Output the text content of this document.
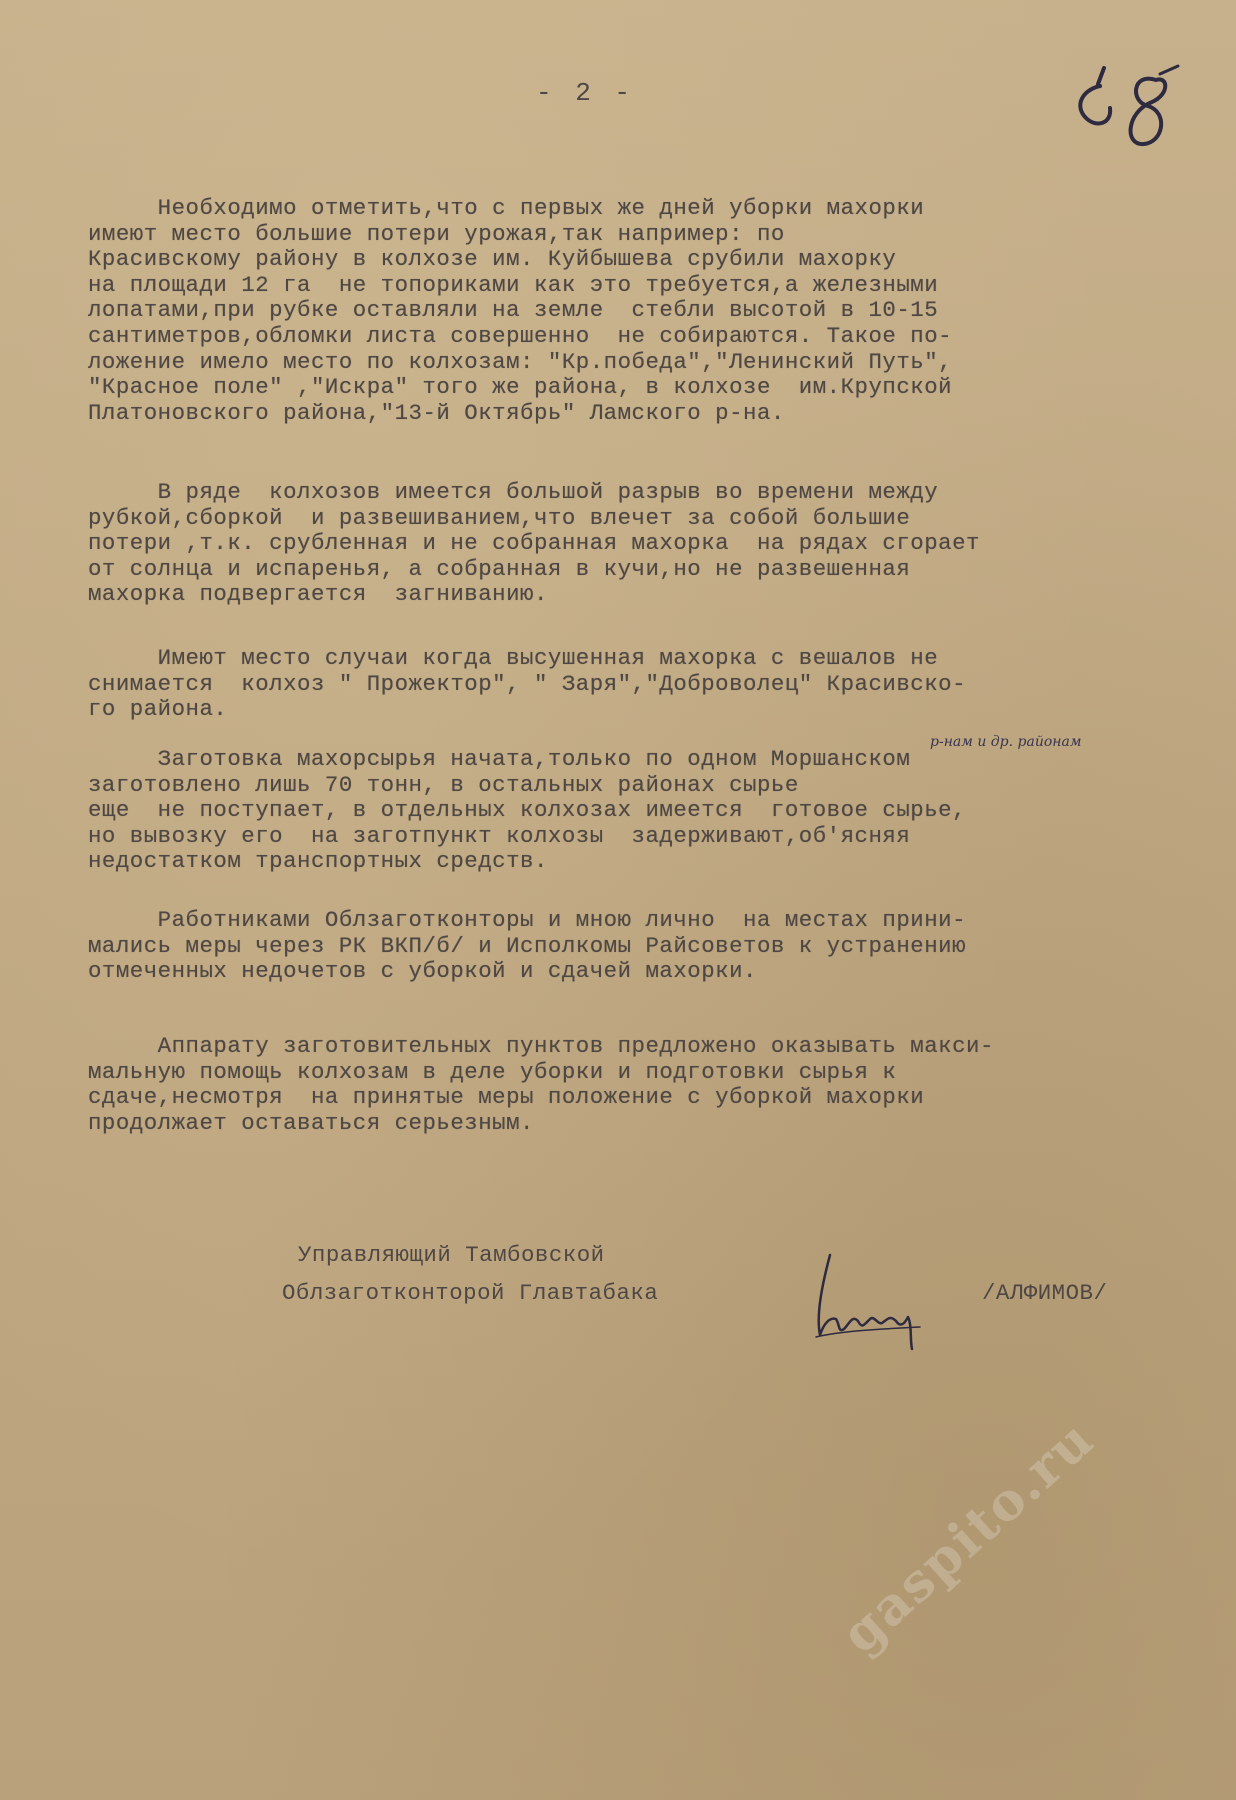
- 2 -

Необходимо отметить,что с первых же дней уборки махорки
имеют место большие потери урожая,так например: по
Красивскому району в колхозе им. Куйбышева срубили махорку
на площади 12 га  не топориками как это требуется,а железными
лопатами,при рубке оставляли на земле  стебли высотой в 10-15
сантиметров,обломки листа совершенно  не собираются. Такое по-
ложение имело место по колхозам: "Кр.победа","Ленинский Путь",
"Красное поле" ,"Искра" того же района, в колхозе  им.Крупской
Платоновского района,"13-й Октябрь" Ламского р-на.
В ряде  колхозов имеется большой разрыв во времени между
рубкой,сборкой  и развешиванием,что влечет за собой большие
потери ,т.к. срубленная и не собранная махорка  на рядах сгорает
от солнца и испаренья, а собранная в кучи,но не развешенная
махорка подвергается  загниванию.
Имеют место случаи когда высушенная махорка с вешалов не
снимается  колхоз " Прожектор", " Заря","Доброволец" Красивско-
го района.
Заготовка махорсырья начата,только по одном Моршанском
заготовлено лишь 70 тонн, в остальных районах сырье
еще  не поступает, в отдельных колхозах имеется  готовое сырье,
но вывозку его  на заготпункт колхозы  задерживают,об'ясняя
недостатком транспортных средств.
Работниками Облзаготконторы и мною лично  на местах прини-
мались меры через РК ВКП/б/ и Исполкомы Райсоветов к устранению
отмеченных недочетов с уборкой и сдачей махорки.
Аппарату заготовительных пунктов предложено оказывать макси-
мальную помощь колхозам в деле уборки и подготовки сырья к
сдаче,несмотря  на принятые меры положение с уборкой махорки
продолжает оставаться серьезным.
р-нам и др. районам

Управляющий Тамбовской

Облзаготконторой Главтабака	/АЛФИМОВ/

gaspito.ru
